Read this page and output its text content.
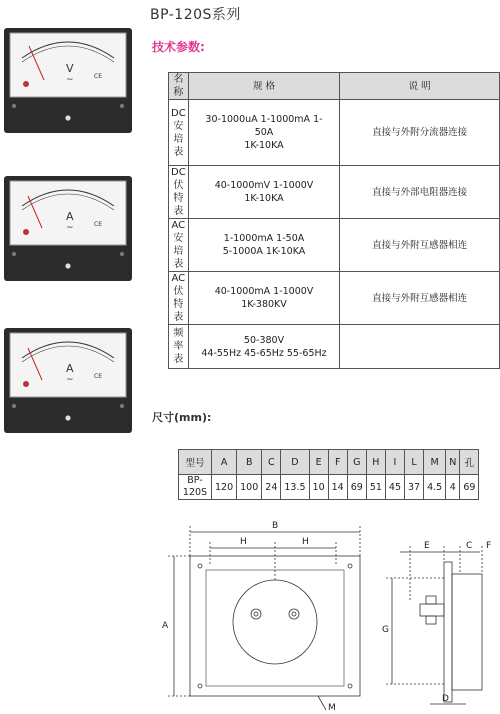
BP-120S系列
V
~	CE
A
~	CE
A
~	CE
技术参数:
名称	规 格	说 明
DC安培表	30-1000uA 1-1000mA 1-
50A
1K-10KA	直接与外附分流器连接
DC伏特表	40-1000mV 1-1000V
1K-10KA	直接与外部电阻器连接
AC安培表	1-1000mA 1-50A
5-1000A 1K-10KA	直接与外附互感器相连
AC伏特表	40-1000mA 1-1000V
1K-380KV	直接与外附互感器相连
频率表	50-380V
44-55Hz 45-65Hz 55-65Hz	

尺寸(mm):
型号	A	B	C	D	E	F	G	H	I	L	M	N	孔
BP-120S	120	100	24	13.5	10	14	69	51	45	37	4.5	4	69
B
H	H
A	G
E	C F
D
M
